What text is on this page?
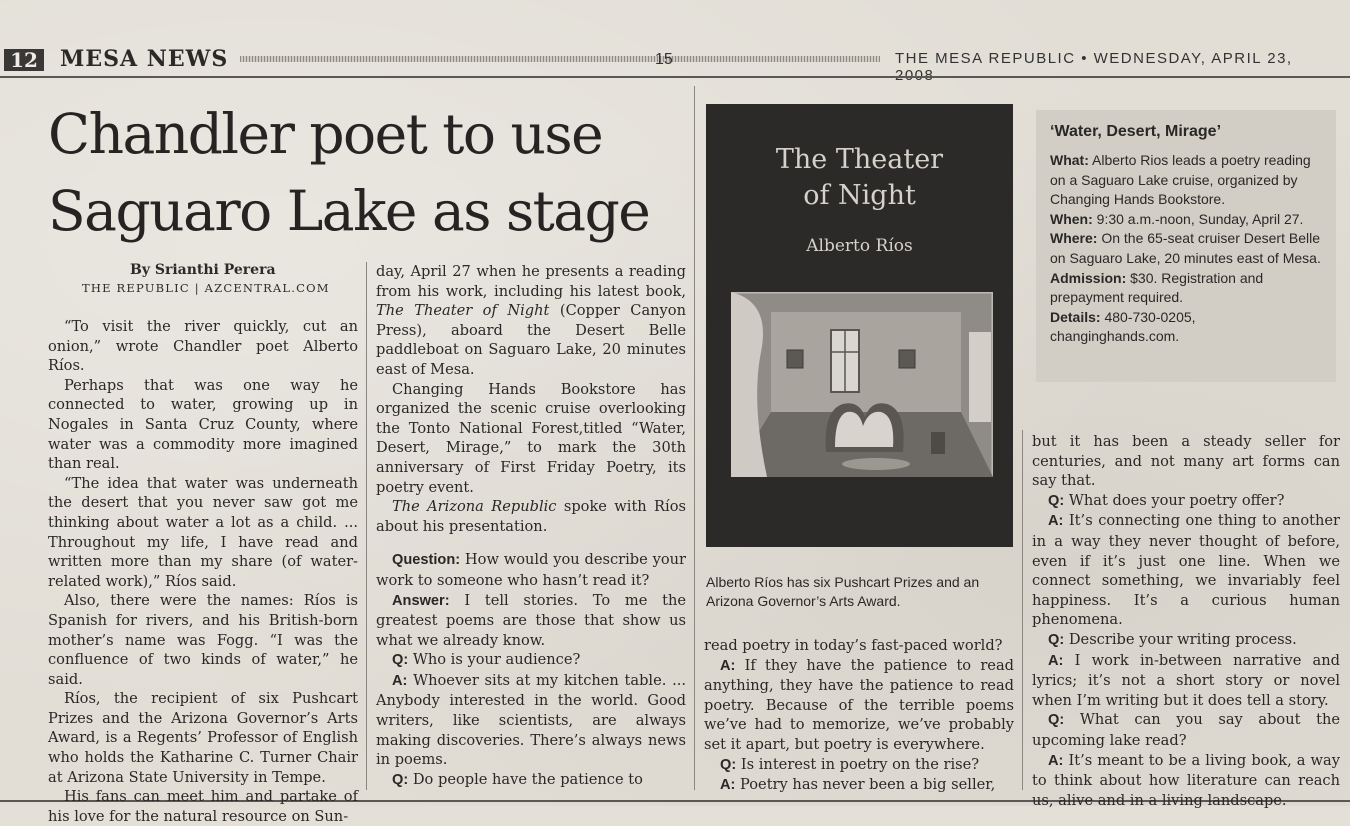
12 MESA NEWS	15	THE MESA REPUBLIC • WEDNESDAY, APRIL 23,
Chandler poet to use
Saguaro Lake as stage
By Srianthi Perera
THE REPUBLIC | AZCENTRAL.COM

“To visit the river quickly, cut an onion,” wrote Chandler poet Alberto Ríos.

Perhaps that was one way he connected to water, growing up in Nogales in Santa Cruz County, where water was a commodity more imagined than real.

“The idea that water was underneath the desert that you never saw got me thinking about water a lot as a child. ... Throughout my life, I have read and written more than my share (of water-related work),” Ríos said.

Also, there were the names: Ríos is Spanish for rivers, and his British-born mother’s name was Fogg. “I was the confluence of two kinds of water,” he said.

Ríos, the recipient of six Pushcart Prizes and the Arizona Governor’s Arts Award, is a Regents’ Professor of English who holds the Katharine C. Turner Chair at Arizona State University in Tempe.

His fans can meet him and partake of his love for the natural resource on Sun-

day, April 27 when he presents a reading from his work, including his latest book, The Theater of Night (Copper Canyon Press), aboard the Desert Belle paddleboat on Saguaro Lake, 20 minutes east of Mesa.

Changing Hands Bookstore has organized the scenic cruise overlooking the Tonto National Forest,titled “Water, Desert, Mirage,” to mark the 30th anniversary of First Friday Poetry, its poetry event.

The Arizona Republic spoke with Ríos about his presentation.

Question: How would you describe your work to someone who hasn’t read it?

Answer: I tell stories. To me the greatest poems are those that show us what we already know.

Q: Who is your audience?

A: Whoever sits at my kitchen table. ... Anybody interested in the world. Good writers, like scientists, are always making discoveries. There’s always news in poems.

Q: Do people have the patience to

The Theater
of Night
Alberto Ríos
Alberto Ríos has six Pushcart Prizes and an Arizona Governor’s Arts Award.

read poetry in today’s fast-paced world?

A: If they have the patience to read anything, they have the patience to read poetry. Because of the terrible poems we’ve had to memorize, we’ve probably set it apart, but poetry is everywhere.

Q: Is interest in poetry on the rise?

A: Poetry has never been a big seller,

‘Water, Desert, Mirage’
What: Alberto Rios leads a poetry reading on a Saguaro Lake cruise, organized by Changing Hands Bookstore.
When: 9:30 a.m.-noon, Sunday, April 27.
Where: On the 65-seat cruiser Desert Belle on Saguaro Lake, 20 minutes east of Mesa.
Admission: $30. Registration and prepayment required.
Details: 480-730-0205, changinghands.com.

but it has been a steady seller for centuries, and not many art forms can say that.

Q: What does your poetry offer?

A: It’s connecting one thing to another in a way they never thought of before, even if it’s just one line. When we connect something, we invariably feel happiness. It’s a curious human phenomena.

Q: Describe your writing process.

A: I work in-between narrative and lyrics; it’s not a short story or novel when I’m writing but it does tell a story.

Q: What can you say about the upcoming lake read?

A: It’s meant to be a living book, a way to think about how literature can reach us, alive and in a living landscape.
